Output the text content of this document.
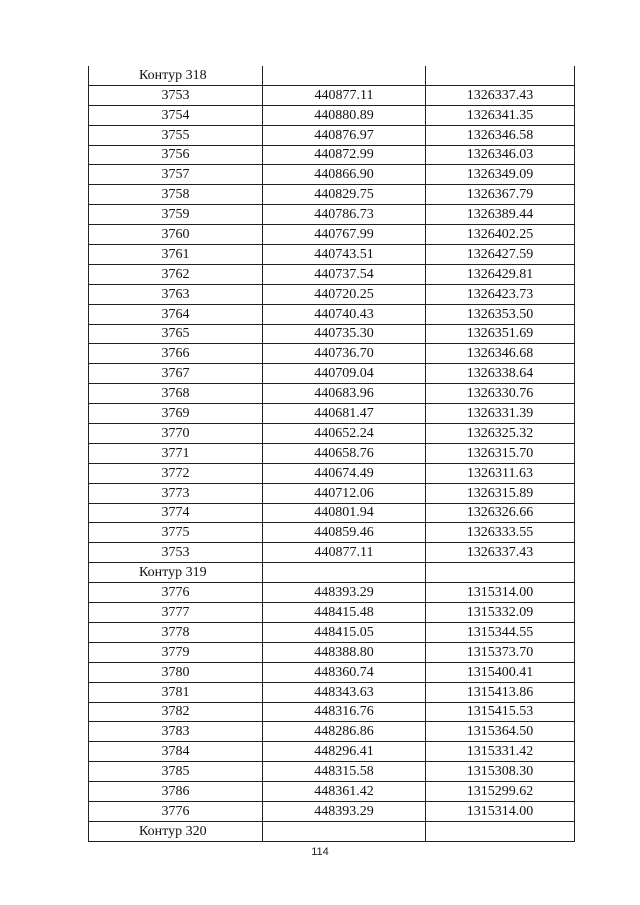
Контур 318		
3753	440877.11	1326337.43
3754	440880.89	1326341.35
3755	440876.97	1326346.58
3756	440872.99	1326346.03
3757	440866.90	1326349.09
3758	440829.75	1326367.79
3759	440786.73	1326389.44
3760	440767.99	1326402.25
3761	440743.51	1326427.59
3762	440737.54	1326429.81
3763	440720.25	1326423.73
3764	440740.43	1326353.50
3765	440735.30	1326351.69
3766	440736.70	1326346.68
3767	440709.04	1326338.64
3768	440683.96	1326330.76
3769	440681.47	1326331.39
3770	440652.24	1326325.32
3771	440658.76	1326315.70
3772	440674.49	1326311.63
3773	440712.06	1326315.89
3774	440801.94	1326326.66
3775	440859.46	1326333.55
3753	440877.11	1326337.43
Контур 319		
3776	448393.29	1315314.00
3777	448415.48	1315332.09
3778	448415.05	1315344.55
3779	448388.80	1315373.70
3780	448360.74	1315400.41
3781	448343.63	1315413.86
3782	448316.76	1315415.53
3783	448286.86	1315364.50
3784	448296.41	1315331.42
3785	448315.58	1315308.30
3786	448361.42	1315299.62
3776	448393.29	1315314.00
Контур 320		
114
